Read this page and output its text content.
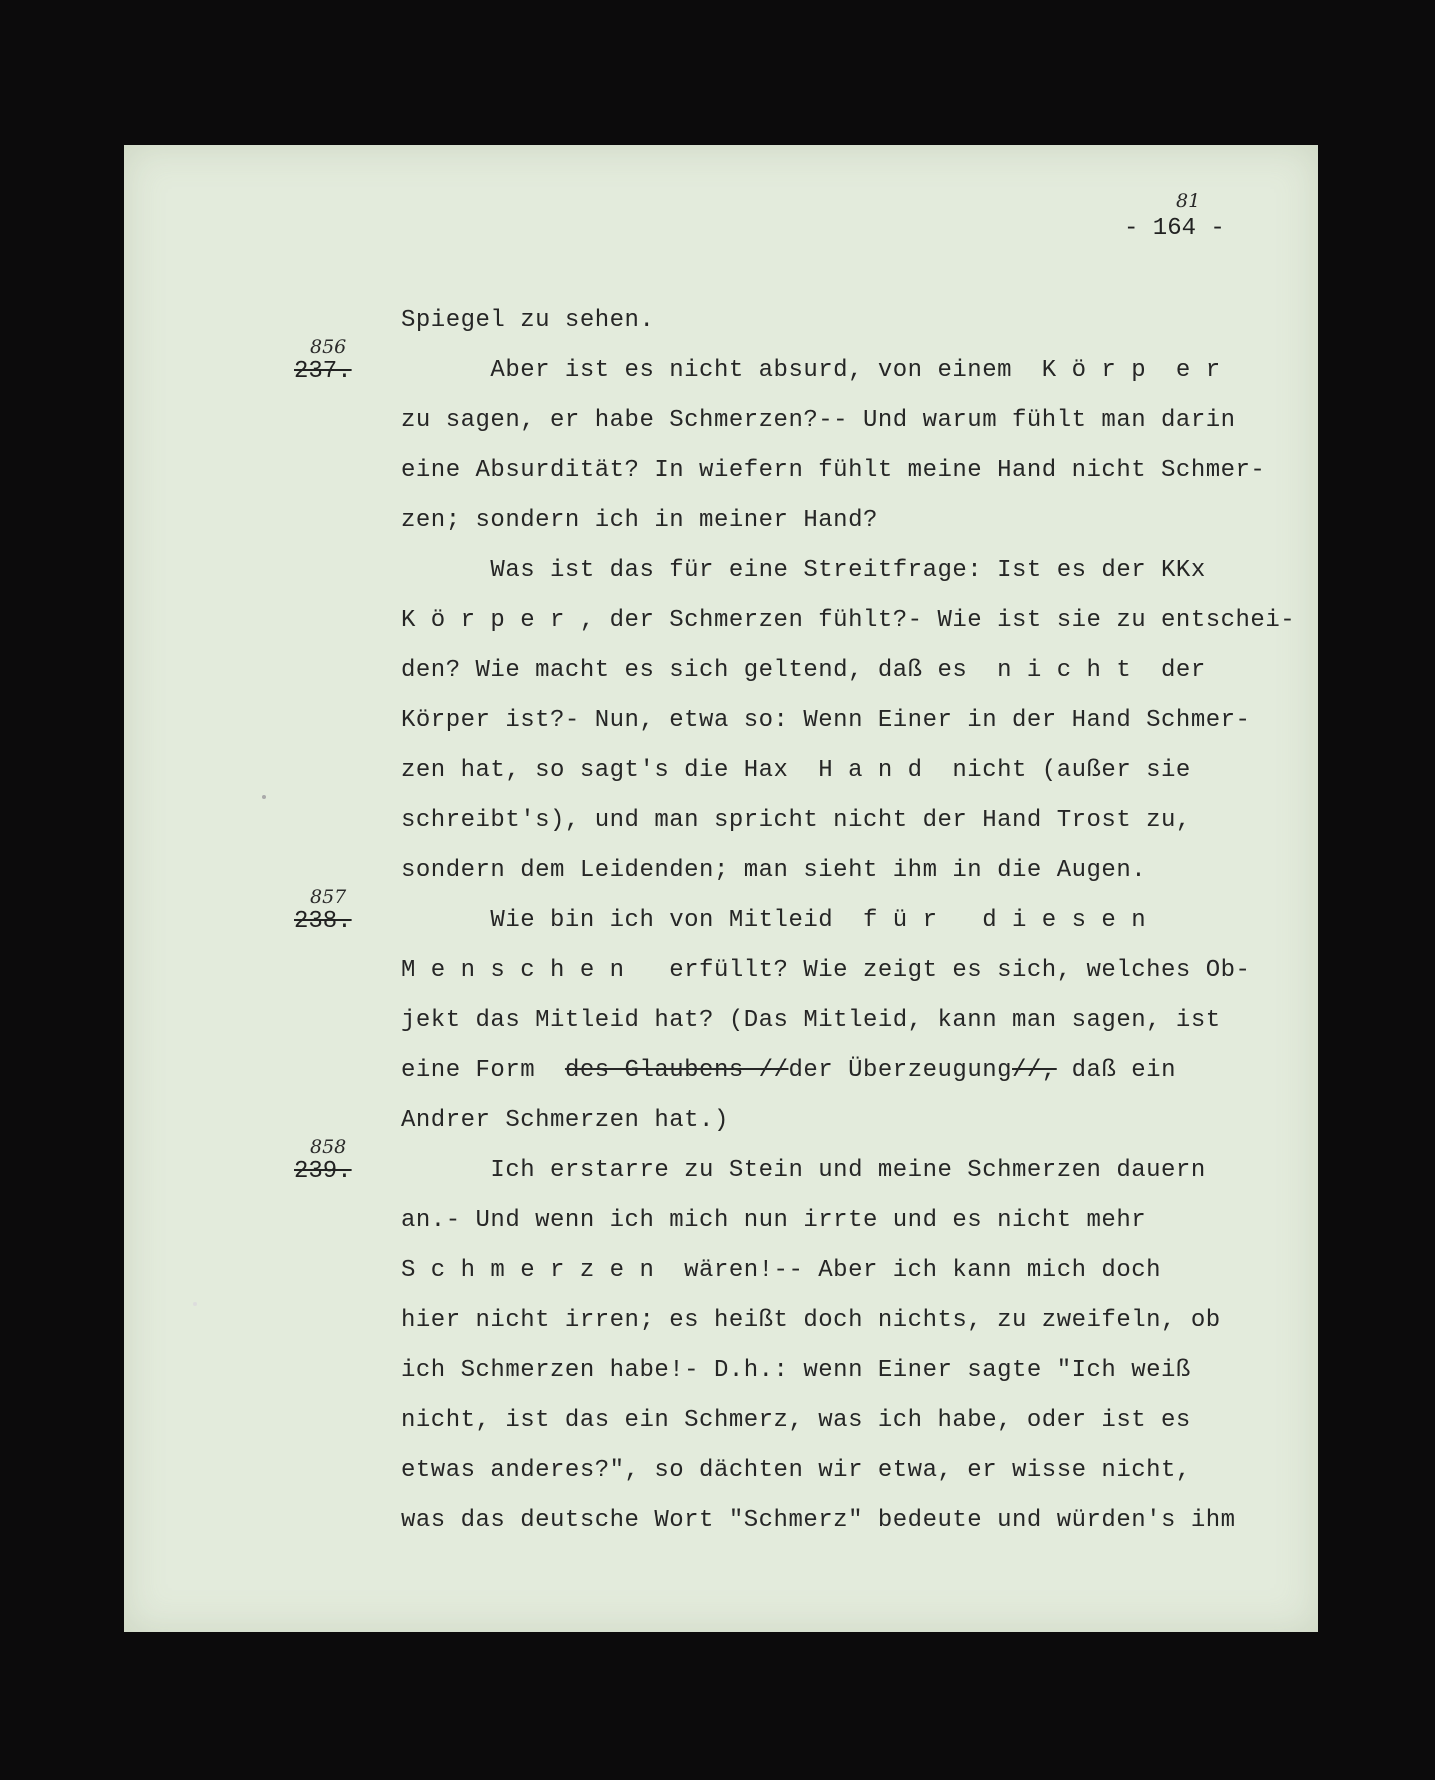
81
- 164 -
856
237.
857
238.
858
239.
Spiegel zu sehen.
Aber ist es nicht absurd, von einem  K ö r p  e r
zu sagen, er habe Schmerzen?-- Und warum fühlt man darin
eine Absurdität? In wiefern fühlt meine Hand nicht Schmer-
zen; sondern ich in meiner Hand?
Was ist das für eine Streitfrage: Ist es der KKx
K ö r p e r , der Schmerzen fühlt?- Wie ist sie zu entschei-
den? Wie macht es sich geltend, daß es  n i c h t  der
Körper ist?- Nun, etwa so: Wenn Einer in der Hand Schmer-
zen hat, so sagt's die Hax  H a n d  nicht (außer sie
schreibt's), und man spricht nicht der Hand Trost zu,
sondern dem Leidenden; man sieht ihm in die Augen.
Wie bin ich von Mitleid  f ü r   d i e s e n
M e n s c h e n   erfüllt? Wie zeigt es sich, welches Ob-
jekt das Mitleid hat? (Das Mitleid, kann man sagen, ist
eine Form des Glaubens //der Überzeugung//, daß ein
Andrer Schmerzen hat.)
Ich erstarre zu Stein und meine Schmerzen dauern
an.- Und wenn ich mich nun irrte und es nicht mehr
S c h m e r z e n  wären!-- Aber ich kann mich doch
hier nicht irren; es heißt doch nichts, zu zweifeln, ob
ich Schmerzen habe!- D.h.: wenn Einer sagte "Ich weiß
nicht, ist das ein Schmerz, was ich habe, oder ist es
etwas anderes?", so dächten wir etwa, er wisse nicht,
was das deutsche Wort "Schmerz" bedeute und würden's ihm
